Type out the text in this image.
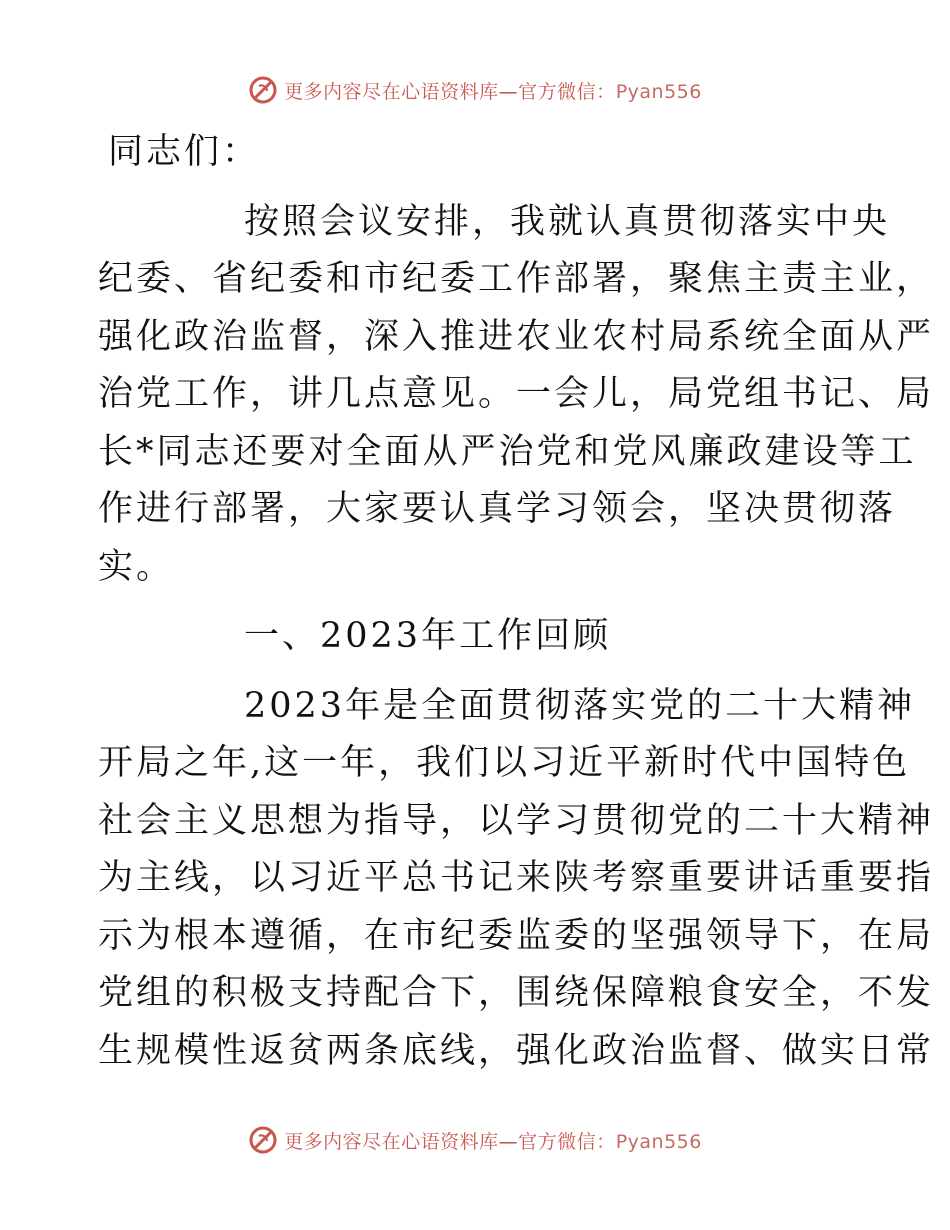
更多内容尽在心语资料库—官方微信：Pyan556
同志们：
按照会议安排，我就认真贯彻落实中央
纪委、省纪委和市纪委工作部署，聚焦主责主业，
强化政治监督，深入推进农业农村局系统全面从严
治党工作，讲几点意见。一会儿，局党组书记、局
长*同志还要对全面从严治党和党风廉政建设等工
作进行部署，大家要认真学习领会，坚决贯彻落
实。
一、2023年工作回顾
2023年是全面贯彻落实党的二十大精神
开局之年,这一年，我们以习近平新时代中国特色
社会主义思想为指导，以学习贯彻党的二十大精神
为主线，以习近平总书记来陕考察重要讲话重要指
示为根本遵循，在市纪委监委的坚强领导下，在局
党组的积极支持配合下，围绕保障粮食安全，不发
生规模性返贫两条底线，强化政治监督、做实日常
更多内容尽在心语资料库—官方微信：Pyan556
